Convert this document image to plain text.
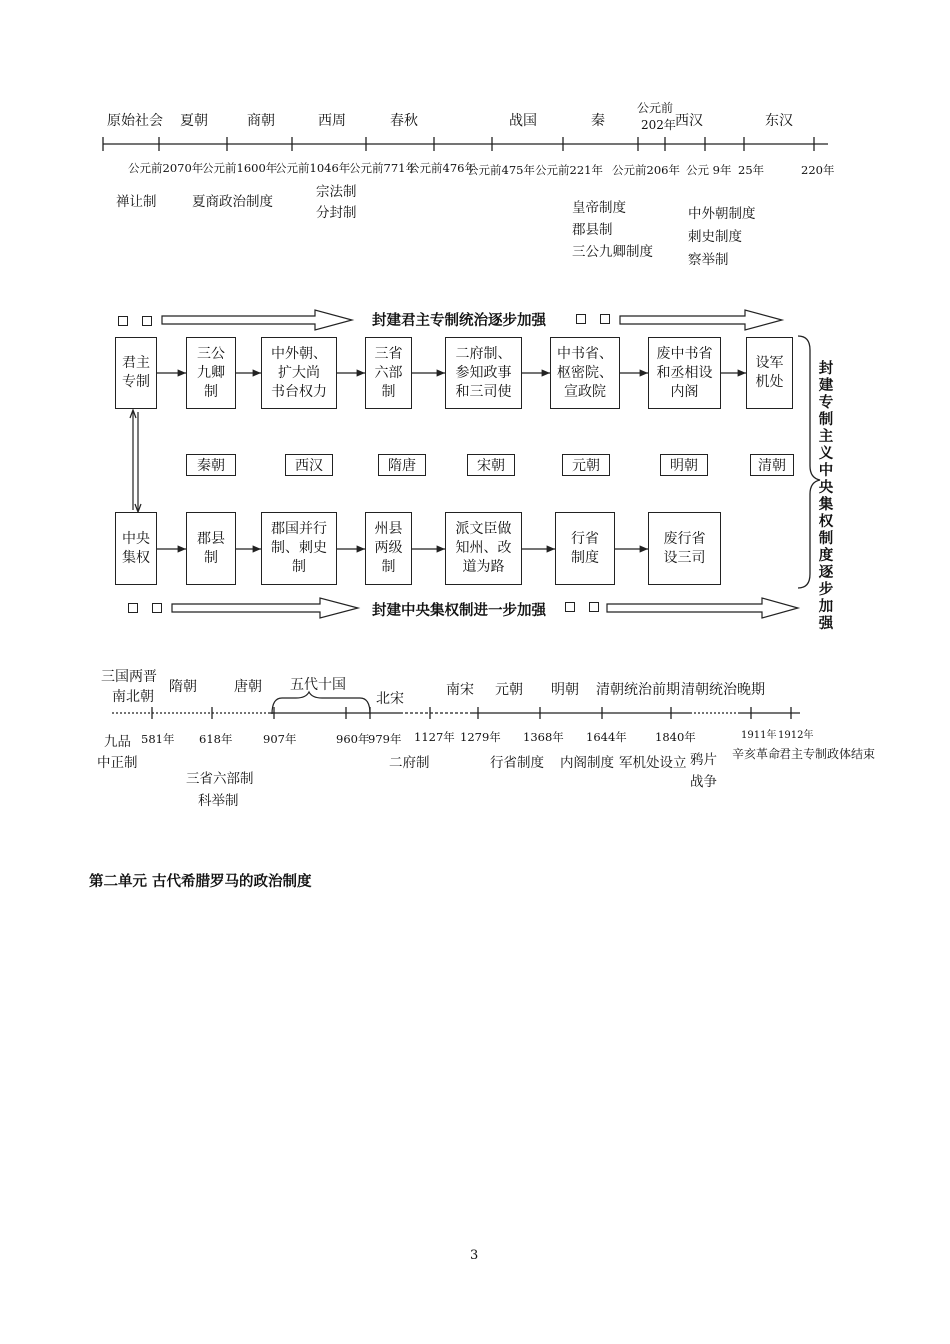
原始社会 夏朝	商朝	西周	春秋	战国	秦
公元前
202年 西汉	东汉
公元前2070年
公元前1600年
公元前1046年
公元前771年
公元前476年
公元前475年 公元前221年 公元前206年 公元 9年 25年	220年
禅让制	夏商政治制度
宗法制
分封制	皇帝制度
郡县制
三公九卿制度
中外朝制度
刺史制度
察举制
封建君主专制统治逐步加强
君主
专制
三公
九卿
制
中外朝、
扩大尚
书台权力
三省
六部
制
二府制、
参知政事
和三司使
中书省、
枢密院、
宣政院
废中书省
和丞相设
内阁
设军
机处
秦朝	西汉	隋唐	宋朝	元朝	明朝	清朝
中央
集权
郡县
制
郡国并行
制、刺史
制
州县
两级
制
派文臣做
知州、改
道为路
行省
制度
废行省
设三司
封建中央集权制进一步加强
封建专制主义中央集权制度逐步加强
三国两晋
南北朝
隋朝	唐朝 五代十国
北宋
南宋 元朝 明朝 清朝统治前期 清朝统治晚期
581年 618年	907年	960年
979年 1127年 1279年 1368年 1644年 1840年	1911年 1912年
九品
中正制
三省六部制
科举制
二府制	行省制度 内阁制度 军机处设立 鸦片
战争
辛亥革命
君主专制政体结束
第二单元 古代希腊罗马的政治制度
3
